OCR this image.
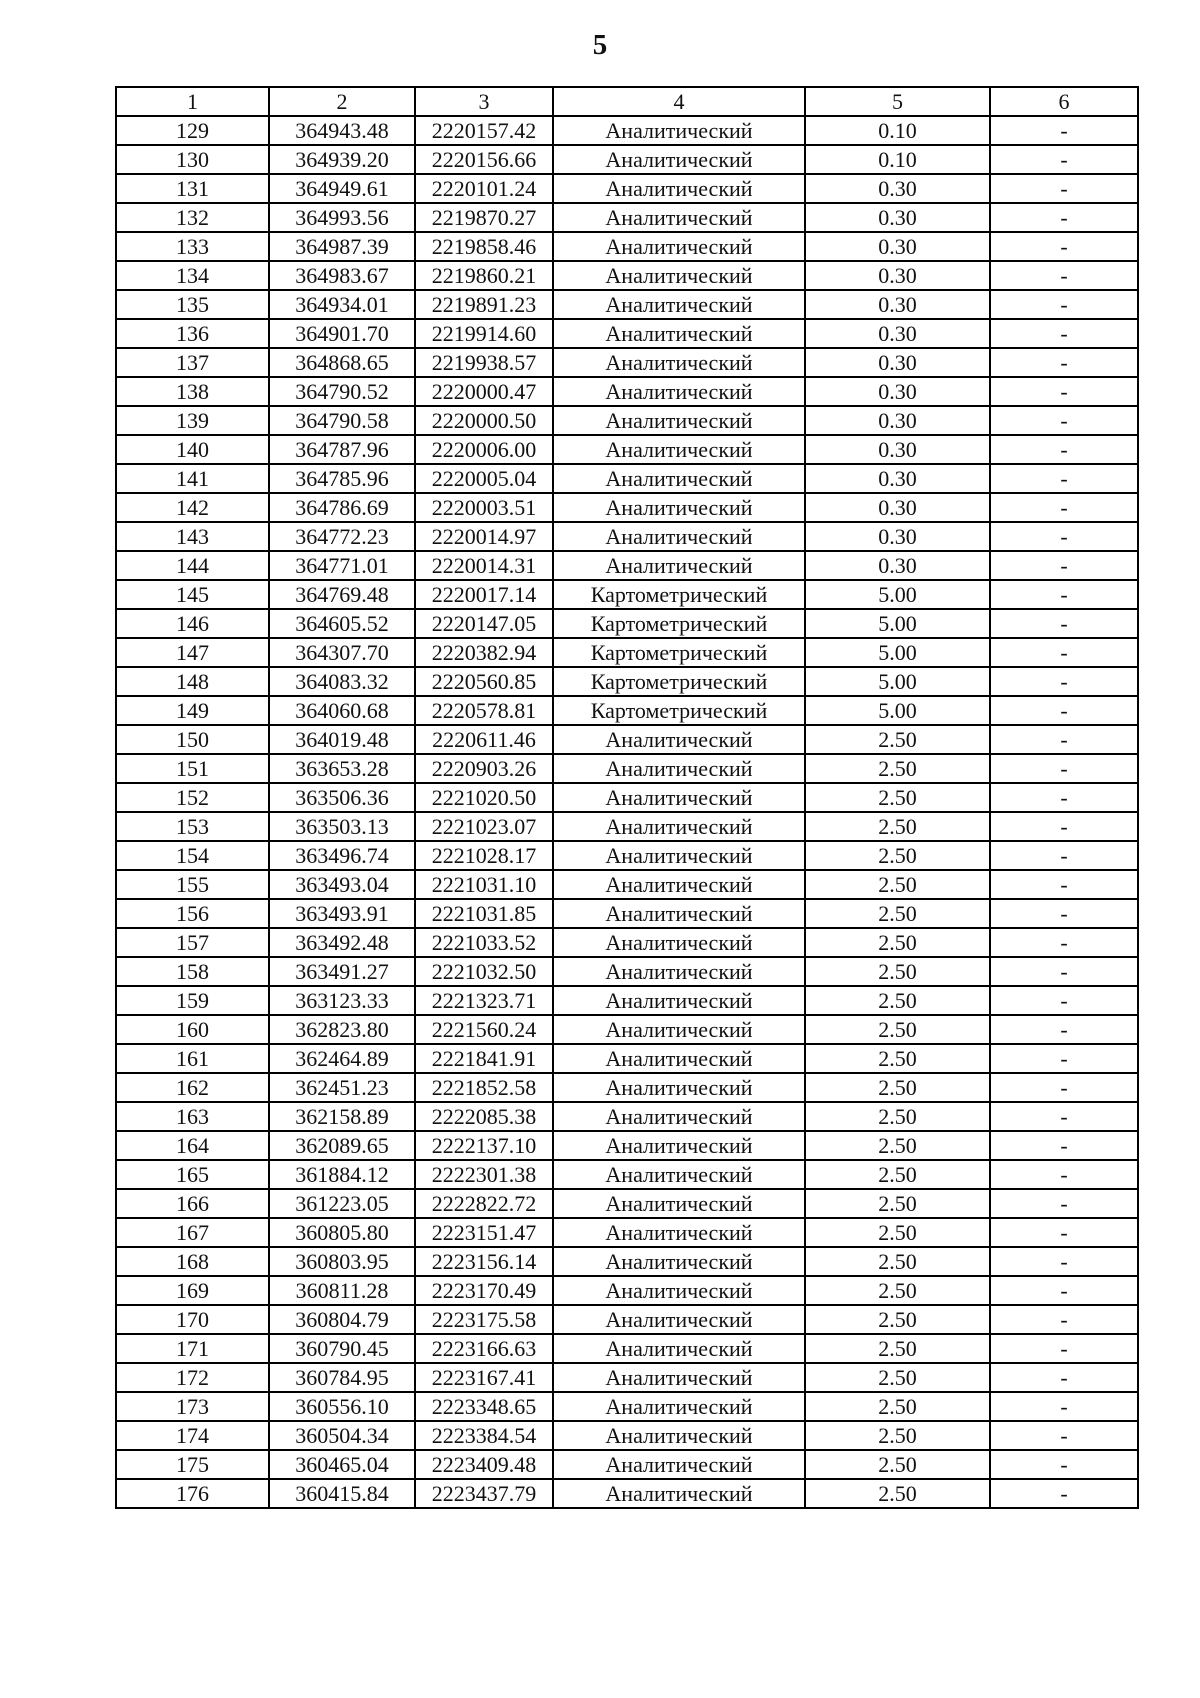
5
1	2	3	4	5	6
129	364943.48	2220157.42	Аналитический	0.10	-
130	364939.20	2220156.66	Аналитический	0.10	-
131	364949.61	2220101.24	Аналитический	0.30	-
132	364993.56	2219870.27	Аналитический	0.30	-
133	364987.39	2219858.46	Аналитический	0.30	-
134	364983.67	2219860.21	Аналитический	0.30	-
135	364934.01	2219891.23	Аналитический	0.30	-
136	364901.70	2219914.60	Аналитический	0.30	-
137	364868.65	2219938.57	Аналитический	0.30	-
138	364790.52	2220000.47	Аналитический	0.30	-
139	364790.58	2220000.50	Аналитический	0.30	-
140	364787.96	2220006.00	Аналитический	0.30	-
141	364785.96	2220005.04	Аналитический	0.30	-
142	364786.69	2220003.51	Аналитический	0.30	-
143	364772.23	2220014.97	Аналитический	0.30	-
144	364771.01	2220014.31	Аналитический	0.30	-
145	364769.48	2220017.14	Картометрический	5.00	-
146	364605.52	2220147.05	Картометрический	5.00	-
147	364307.70	2220382.94	Картометрический	5.00	-
148	364083.32	2220560.85	Картометрический	5.00	-
149	364060.68	2220578.81	Картометрический	5.00	-
150	364019.48	2220611.46	Аналитический	2.50	-
151	363653.28	2220903.26	Аналитический	2.50	-
152	363506.36	2221020.50	Аналитический	2.50	-
153	363503.13	2221023.07	Аналитический	2.50	-
154	363496.74	2221028.17	Аналитический	2.50	-
155	363493.04	2221031.10	Аналитический	2.50	-
156	363493.91	2221031.85	Аналитический	2.50	-
157	363492.48	2221033.52	Аналитический	2.50	-
158	363491.27	2221032.50	Аналитический	2.50	-
159	363123.33	2221323.71	Аналитический	2.50	-
160	362823.80	2221560.24	Аналитический	2.50	-
161	362464.89	2221841.91	Аналитический	2.50	-
162	362451.23	2221852.58	Аналитический	2.50	-
163	362158.89	2222085.38	Аналитический	2.50	-
164	362089.65	2222137.10	Аналитический	2.50	-
165	361884.12	2222301.38	Аналитический	2.50	-
166	361223.05	2222822.72	Аналитический	2.50	-
167	360805.80	2223151.47	Аналитический	2.50	-
168	360803.95	2223156.14	Аналитический	2.50	-
169	360811.28	2223170.49	Аналитический	2.50	-
170	360804.79	2223175.58	Аналитический	2.50	-
171	360790.45	2223166.63	Аналитический	2.50	-
172	360784.95	2223167.41	Аналитический	2.50	-
173	360556.10	2223348.65	Аналитический	2.50	-
174	360504.34	2223384.54	Аналитический	2.50	-
175	360465.04	2223409.48	Аналитический	2.50	-
176	360415.84	2223437.79	Аналитический	2.50	-
